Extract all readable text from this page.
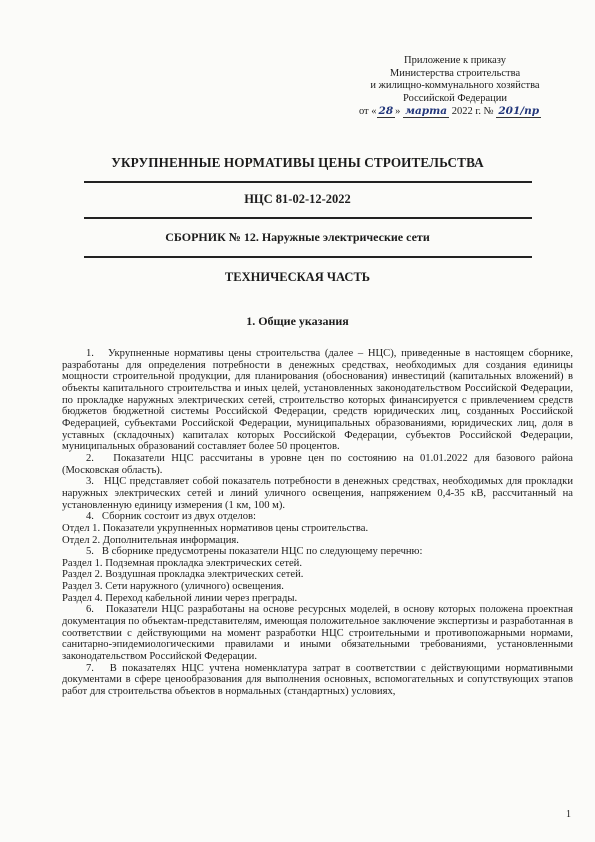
Приложение к приказу
Министерства строительства
и жилищно-коммунального хозяйства
Российской Федерации
от « 28 » марта 2022 г. № 201/пр
УКРУПНЕННЫЕ НОРМАТИВЫ ЦЕНЫ СТРОИТЕЛЬСТВА
НЦС 81-02-12-2022
СБОРНИК № 12. Наружные электрические сети
ТЕХНИЧЕСКАЯ ЧАСТЬ
1. Общие указания

1.   Укрупненные нормативы цены строительства (далее – НЦС), приведенные в настоящем сборнике, разработаны для определения потребности в денежных средствах, необходимых для создания единицы мощности строительной продукции, для планирования (обоснования) инвестиций (капитальных вложений) в объекты капитального строительства и иных целей, установленных законодательством Российской Федерации, по прокладке наружных электрических сетей, строительство которых финансируется с привлечением средств бюджетов бюджетной системы Российской Федерации, средств юридических лиц, созданных Российской Федерацией, субъектами Российской Федерации, муниципальных образованиями, юридических лиц, доля в уставных (складочных) капиталах которых Российской Федерации, субъектов Российской Федерации, муниципальных образований составляет более 50 процентов.

2.   Показатели НЦС рассчитаны в уровне цен по состоянию на 01.01.2022 для базового района (Московская область).

3.   НЦС представляет собой показатель потребности в денежных средствах, необходимых для прокладки наружных электрических сетей и линий уличного освещения, напряжением 0,4-35 кВ, рассчитанный на установленную единицу измерения (1 км, 100 м).

4.   Сборник состоит из двух отделов:

Отдел 1. Показатели укрупненных нормативов цены строительства.

Отдел 2. Дополнительная информация.

5.   В сборнике предусмотрены показатели НЦС по следующему перечню:

Раздел 1. Подземная прокладка электрических сетей.

Раздел 2. Воздушная прокладка электрических сетей.

Раздел 3. Сети наружного (уличного) освещения.

Раздел 4. Переход кабельной линии через преграды.

6.   Показатели НЦС разработаны на основе ресурсных моделей, в основу которых положена проектная документация по объектам-представителям, имеющая положительное заключение экспертизы и разработанная в соответствии с действующими на момент разработки НЦС строительными и противопожарными нормами, санитарно-эпидемиологическими правилами и иными обязательными требованиями, установленными законодательством Российской Федерации.

7.   В показателях НЦС учтена номенклатура затрат в соответствии с действующими нормативными документами в сфере ценообразования для выполнения основных, вспомогательных и сопутствующих этапов работ для строительства объектов в нормальных (стандартных) условиях,

1
